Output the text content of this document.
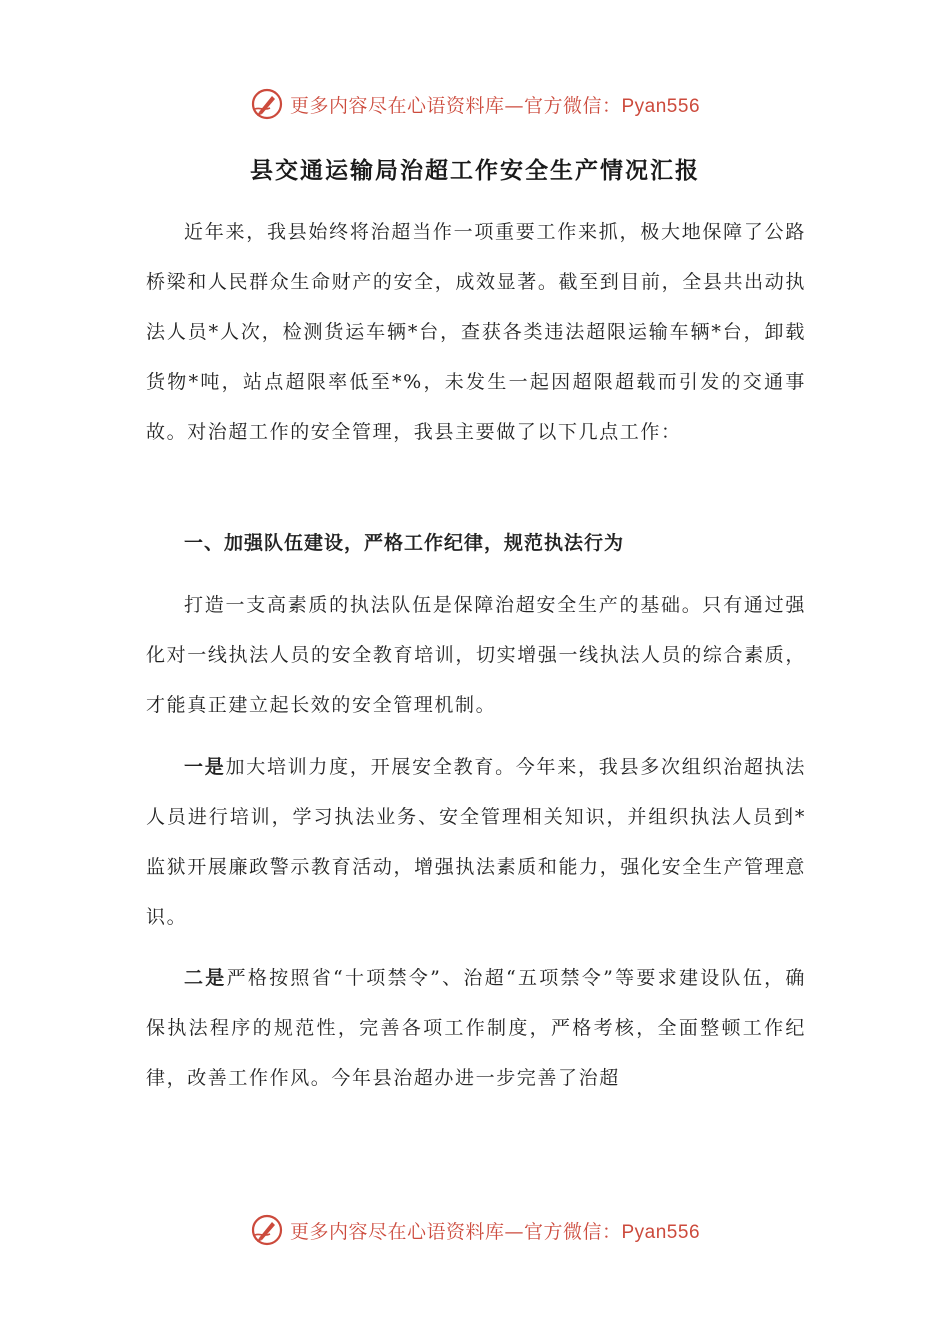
更多内容尽在心语资料库—官方微信：Pyan556
县交通运输局治超工作安全生产情况汇报

近年来，我县始终将治超当作一项重要工作来抓，极大地保障了公路桥梁和人民群众生命财产的安全，成效显著。截至到目前，全县共出动执法人员*人次，检测货运车辆*台，查获各类违法超限运输车辆*台，卸载货物*吨，站点超限率低至*%，未发生一起因超限超载而引发的交通事故。对治超工作的安全管理，我县主要做了以下几点工作：

一、加强队伍建设，严格工作纪律，规范执法行为

打造一支高素质的执法队伍是保障治超安全生产的基础。只有通过强化对一线执法人员的安全教育培训，切实增强一线执法人员的综合素质，才能真正建立起长效的安全管理机制。

一是加大培训力度，开展安全教育。今年来，我县多次组织治超执法人员进行培训，学习执法业务、安全管理相关知识，并组织执法人员到*监狱开展廉政警示教育活动，增强执法素质和能力，强化安全生产管理意识。

二是严格按照省“十项禁令”、治超“五项禁令”等要求建设队伍，确保执法程序的规范性，完善各项工作制度，严格考核，全面整顿工作纪律，改善工作作风。今年县治超办进一步完善了治超

更多内容尽在心语资料库—官方微信：Pyan556
